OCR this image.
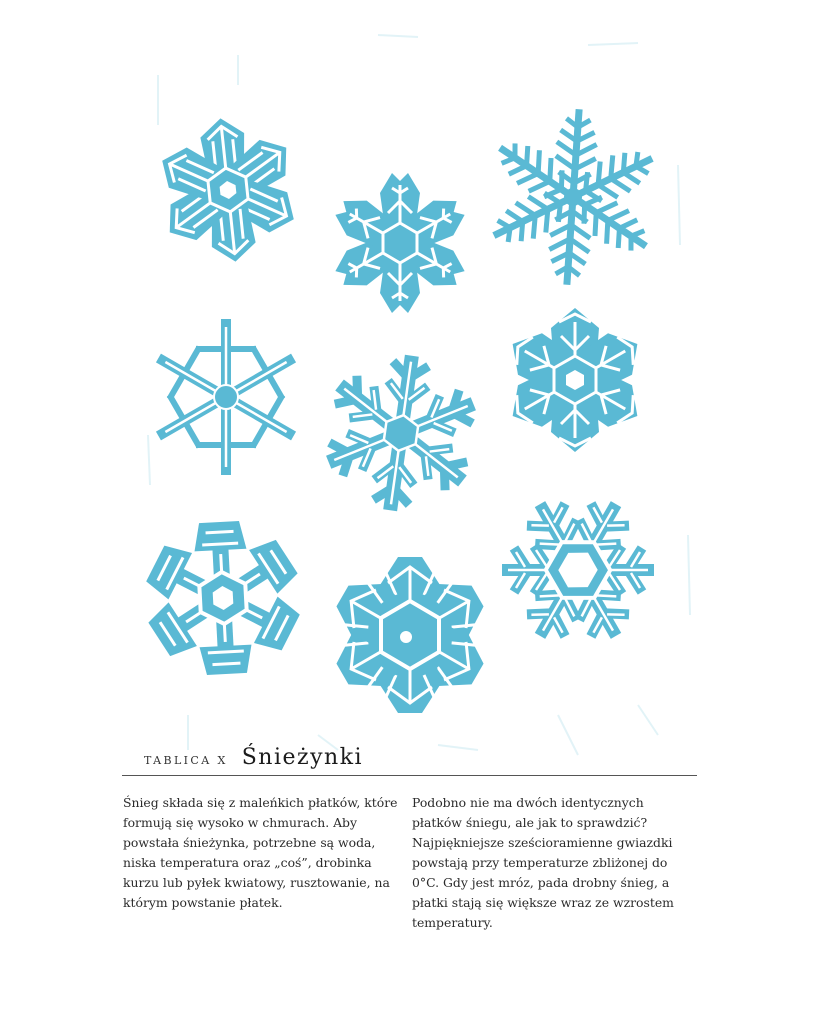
TABLICA X Śnieżynki

Śnieg składa się z maleńkich płatków, które formują się wysoko w chmurach. Aby powstała śnieżynka, potrzebne są woda, niska temperatura oraz „coś”, drobinka kurzu lub pyłek kwiatowy, rusztowanie, na którym powstanie płatek.

Podobno nie ma dwóch identycznych płatków śniegu, ale jak to sprawdzić? Najpiękniejsze sześcioramienne gwiazdki powstają przy temperaturze zbliżonej do 0°C. Gdy jest mróz, pada drobny śnieg, a płatki stają się większe wraz ze wzrostem temperatury.
